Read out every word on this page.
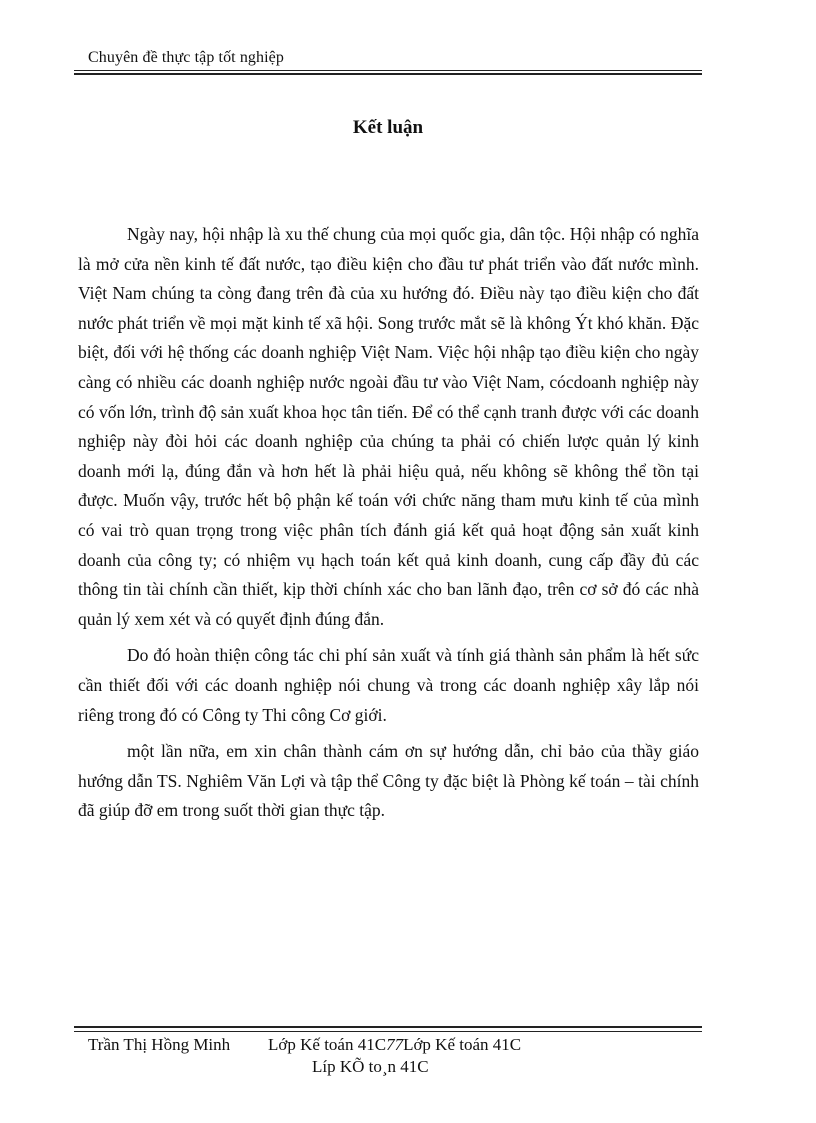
Chuyên đề thực tập tốt nghiệp
Kết luận

Ngày nay, hội nhập là xu thế chung của mọi quốc gia, dân tộc. Hội nhập có nghĩa là mở cửa nền kinh tế đất nước, tạo điều kiện cho đầu tư phát triển vào đất nước mình. Việt Nam chúng ta còng đang trên đà của xu hướng đó. Điều này tạo điều kiện cho đất nước phát triển về mọi mặt kinh tế xã hội. Song trước mắt sẽ là không Ýt khó khăn. Đặc biệt, đối với hệ thống các doanh nghiệp Việt Nam. Việc hội nhập tạo điều kiện cho ngày càng có nhiều các doanh nghiệp nước ngoài đầu tư vào Việt Nam, cócdoanh nghiệp này có vốn lớn, trình độ sản xuất khoa học tân tiến. Để có thể cạnh tranh được với các doanh nghiệp này đòi hỏi các doanh nghiệp của chúng ta phải có chiến lược quản lý kinh doanh mới lạ, đúng đắn và hơn hết là phải hiệu quả, nếu không sẽ không thể tồn tại được. Muốn vậy, trước hết bộ phận kế toán với chức năng tham mưu kinh tế của mình có vai trò quan trọng trong việc phân tích đánh giá kết quả hoạt động sản xuất kinh doanh của công ty; có nhiệm vụ hạch toán kết quả kinh doanh, cung cấp đầy đủ các thông tin tài chính cần thiết, kịp thời chính xác cho ban lãnh đạo, trên cơ sở đó các nhà quản lý xem xét và có quyết định đúng đắn.

Do đó hoàn thiện công tác chi phí sản xuất và tính giá thành sản phẩm là hết sức cần thiết đối với các doanh nghiệp nói chung và trong các doanh nghiệp xây lắp nói riêng trong đó có Công ty Thi công Cơ giới.

một lần nữa, em xin chân thành cám ơn sự hướng dẫn, chỉ bảo của thầy giáo hướng dẫn TS. Nghiêm Văn Lợi và tập thể Công ty đặc biệt là Phòng kế toán – tài chính đã giúp đỡ em trong suốt thời gian thực tập.

Trần Thị Hồng Minh Lớp Kế toán 41C77Lớp Kế toán 41C
Líp KÕ to¸n 41C
